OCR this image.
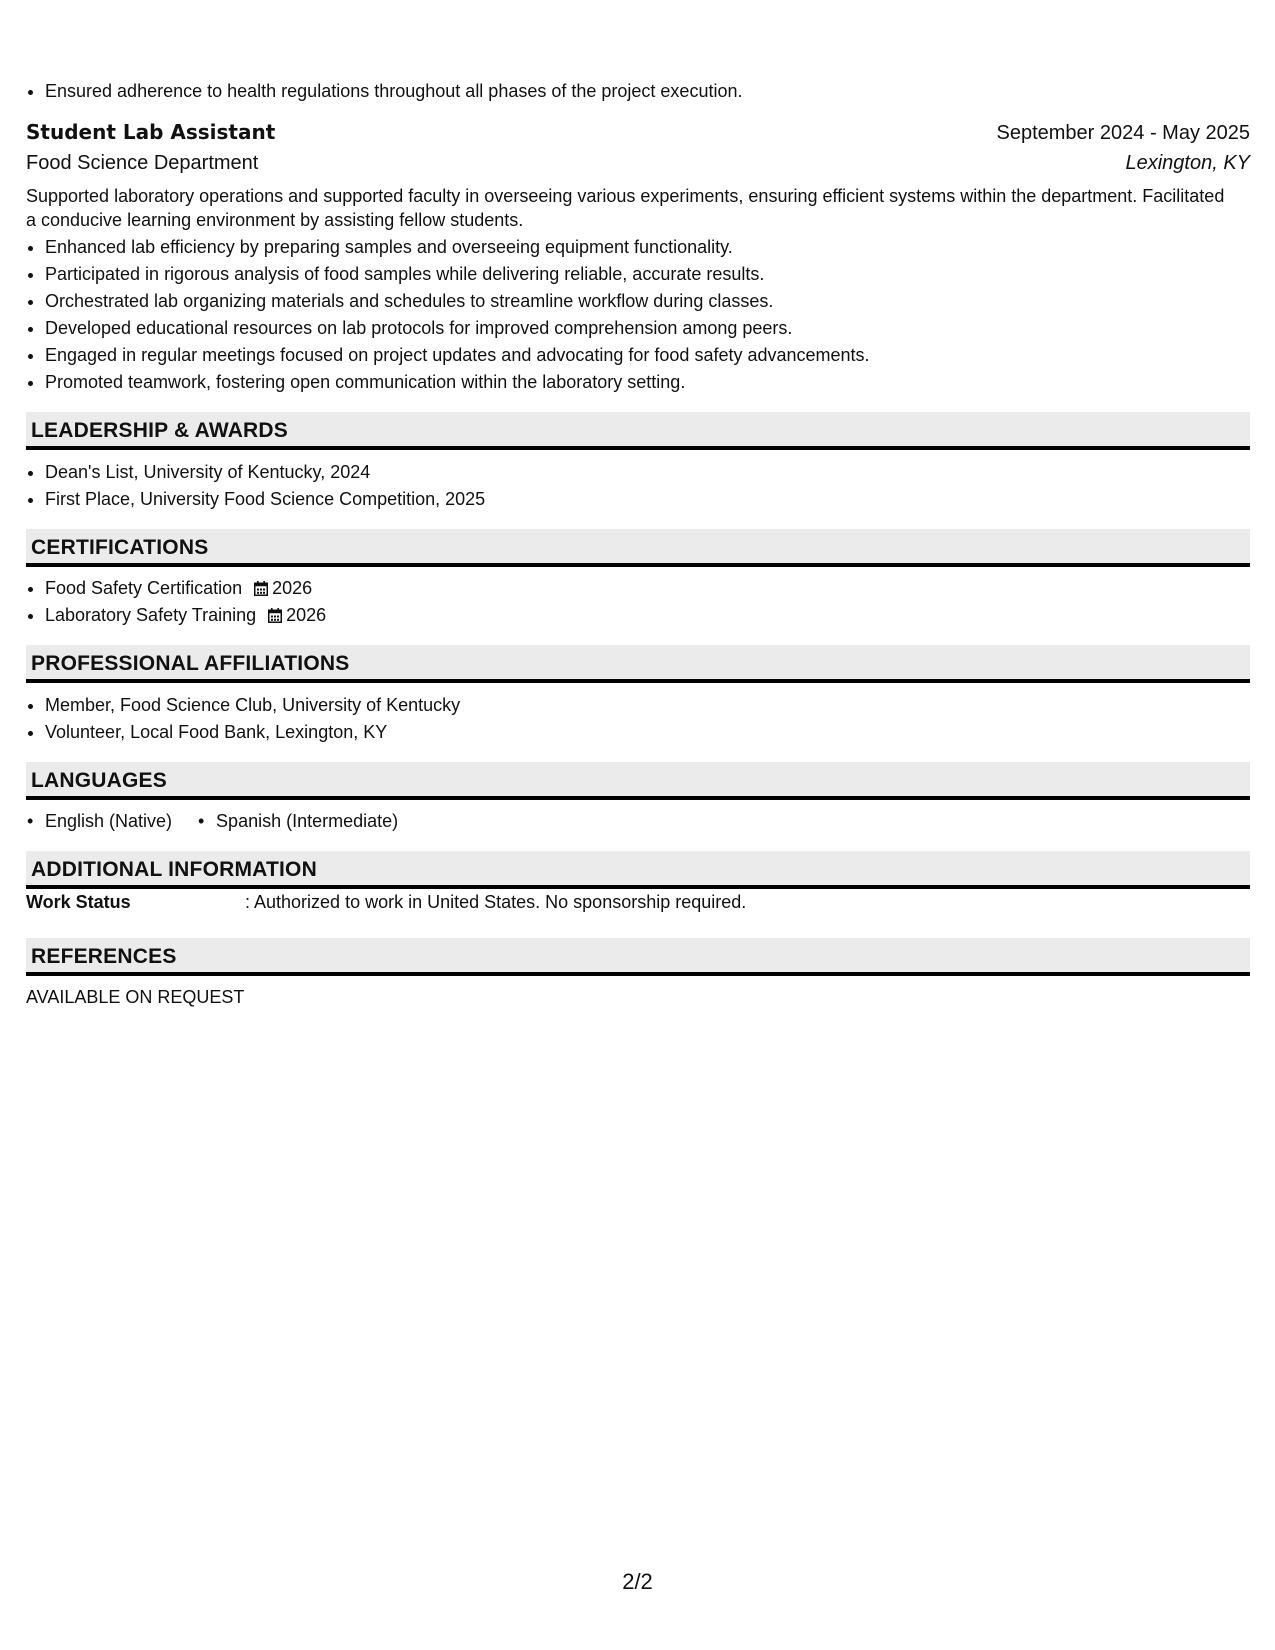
• Ensured adherence to health regulations throughout all phases of the project execution.
Student Lab Assistant	September 2024 - May 2025
Food Science Department	Lexington, KY
Supported laboratory operations and supported faculty in overseeing various experiments, ensuring efficient systems within the department. Facilitated a conducive learning environment by assisting fellow students.
• Enhanced lab efficiency by preparing samples and overseeing equipment functionality.
• Participated in rigorous analysis of food samples while delivering reliable, accurate results.
• Orchestrated lab organizing materials and schedules to streamline workflow during classes.
• Developed educational resources on lab protocols for improved comprehension among peers.
• Engaged in regular meetings focused on project updates and advocating for food safety advancements.
• Promoted teamwork, fostering open communication within the laboratory setting.
LEADERSHIP & AWARDS
• Dean's List, University of Kentucky, 2024
• First Place, University Food Science Competition, 2025
CERTIFICATIONS
• Food Safety Certification 2026
• Laboratory Safety Training 2026
PROFESSIONAL AFFILIATIONS
• Member, Food Science Club, University of Kentucky
• Volunteer, Local Food Bank, Lexington, KY
LANGUAGES
• English (Native)
•	Spanish (Intermediate)
ADDITIONAL INFORMATION
Work Status	: Authorized to work in United States. No sponsorship required.
REFERENCES
AVAILABLE ON REQUEST
2/2
